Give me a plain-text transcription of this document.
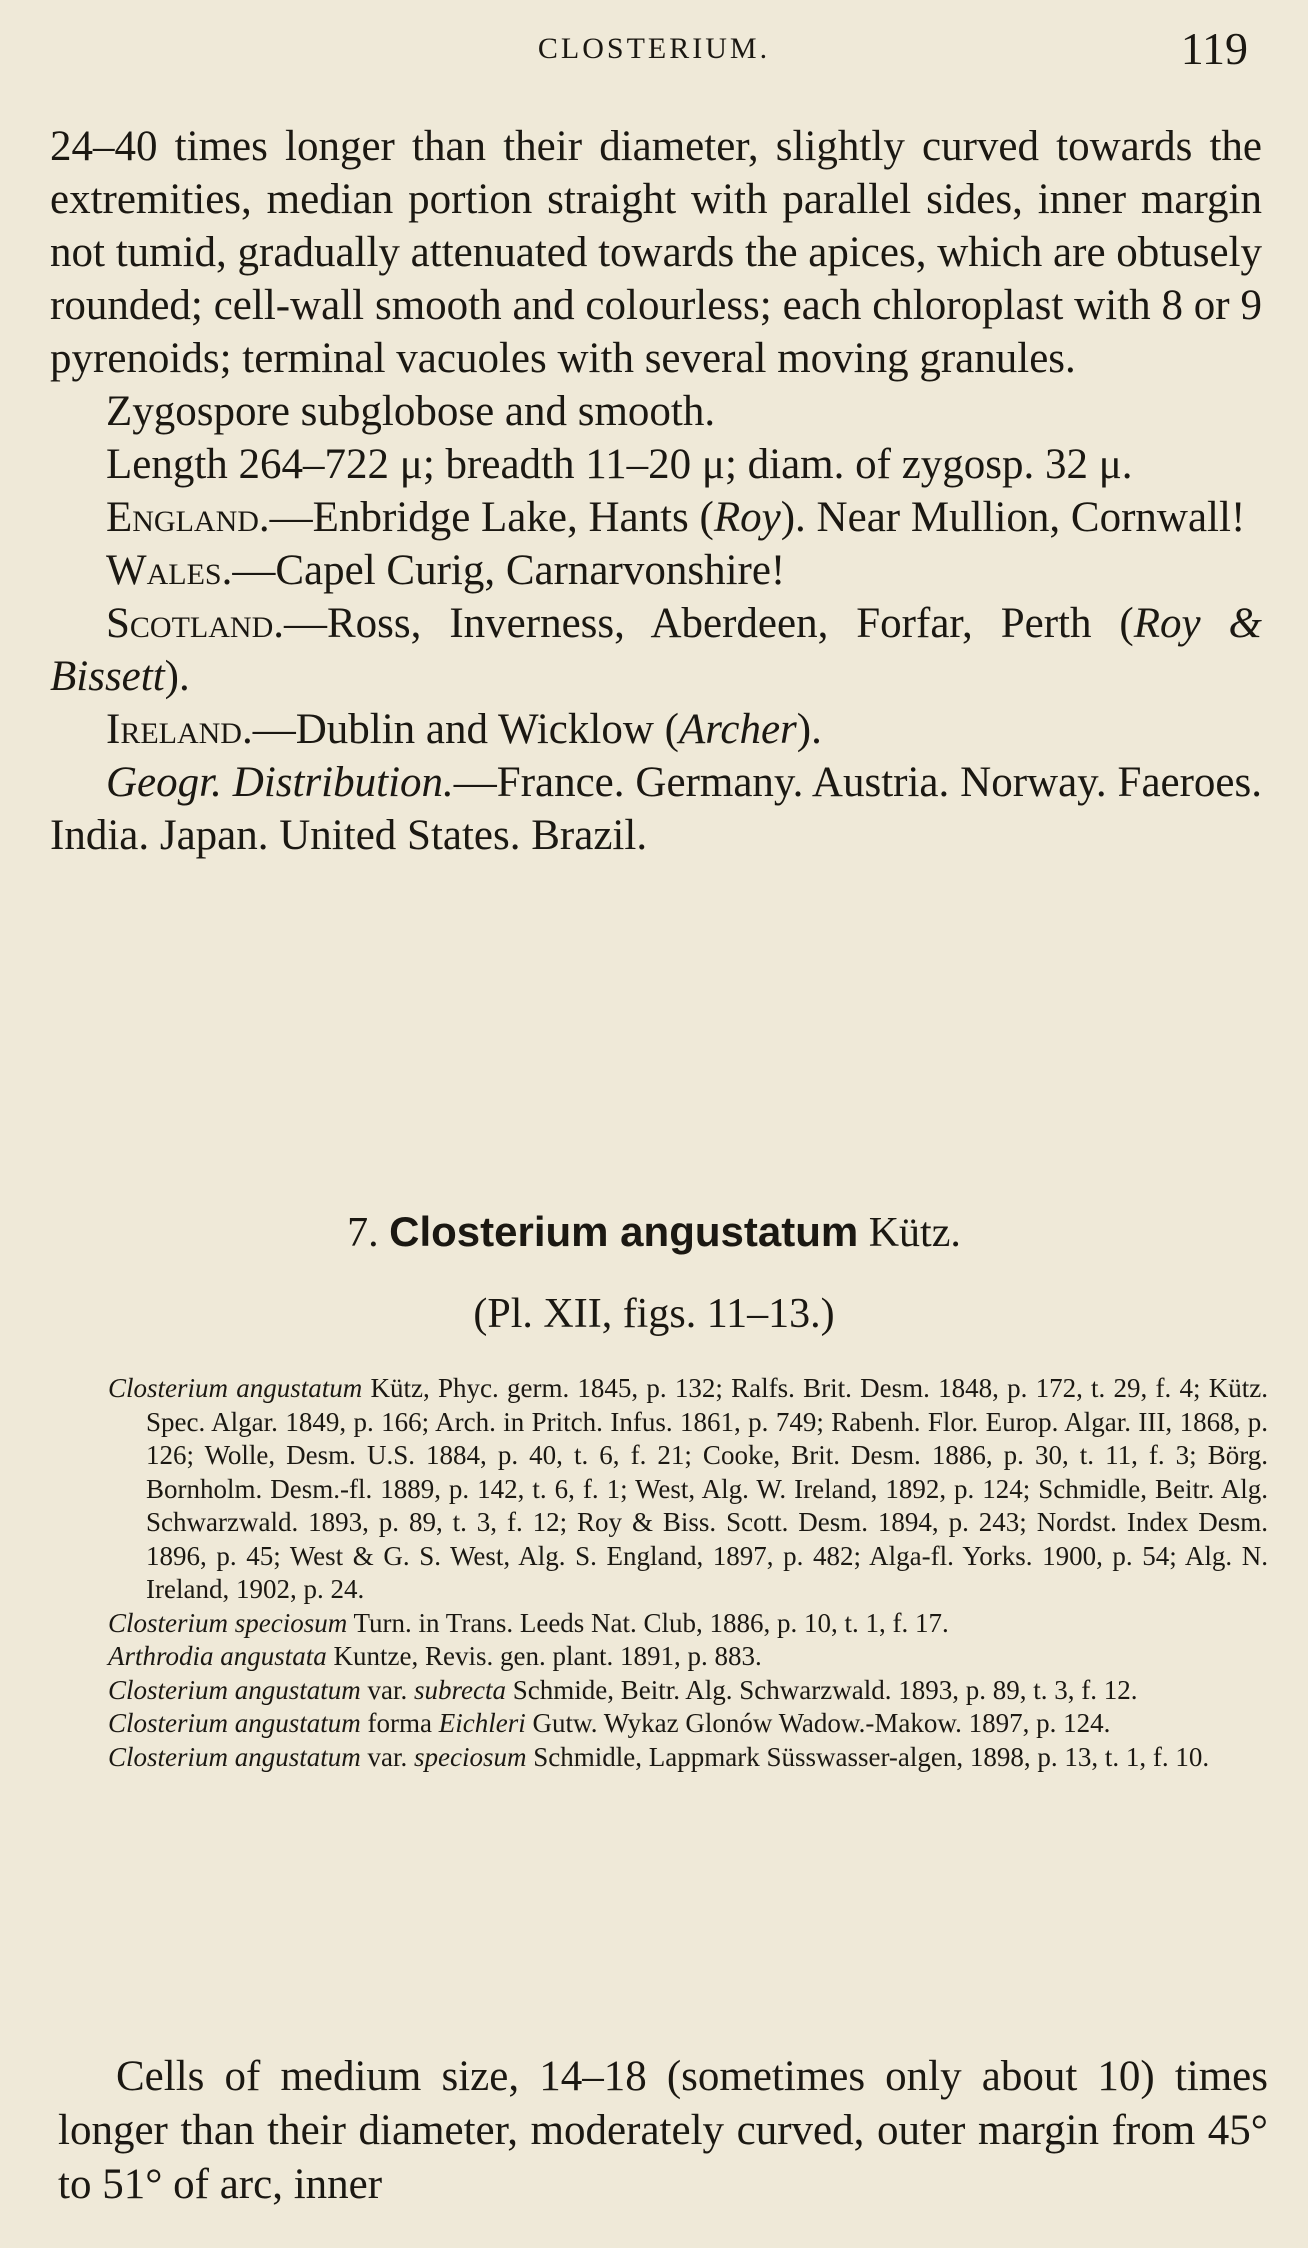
CLOSTERIUM.	119

24–40 times longer than their diameter, slightly curved towards the extremities, median portion straight with parallel sides, inner margin not tumid, gradually attenuated towards the apices, which are obtusely rounded; cell-wall smooth and colourless; each chloroplast with 8 or 9 pyrenoids; terminal vacuoles with several moving granules.

Zygospore subglobose and smooth.

Length 264–722 μ; breadth 11–20 μ; diam. of zygosp. 32 μ.

England.—Enbridge Lake, Hants (Roy). Near Mullion, Cornwall!

Wales.—Capel Curig, Carnarvonshire!

Scotland.—Ross, Inverness, Aberdeen, Forfar, Perth (Roy & Bissett).

Ireland.—Dublin and Wicklow (Archer).

Geogr. Distribution.—France. Germany. Austria. Norway. Faeroes. India. Japan. United States. Brazil.

7. Closterium angustatum Kütz.
(Pl. XII, figs. 11–13.)

Closterium angustatum Kütz, Phyc. germ. 1845, p. 132; Ralfs. Brit. Desm. 1848, p. 172, t. 29, f. 4; Kütz. Spec. Algar. 1849, p. 166; Arch. in Pritch. Infus. 1861, p. 749; Rabenh. Flor. Europ. Algar. III, 1868, p. 126; Wolle, Desm. U.S. 1884, p. 40, t. 6, f. 21; Cooke, Brit. Desm. 1886, p. 30, t. 11, f. 3; Börg. Bornholm. Desm.-fl. 1889, p. 142, t. 6, f. 1; West, Alg. W. Ireland, 1892, p. 124; Schmidle, Beitr. Alg. Schwarzwald. 1893, p. 89, t. 3, f. 12; Roy & Biss. Scott. Desm. 1894, p. 243; Nordst. Index Desm. 1896, p. 45; West & G. S. West, Alg. S. England, 1897, p. 482; Alga-fl. Yorks. 1900, p. 54; Alg. N. Ireland, 1902, p. 24.

Closterium speciosum Turn. in Trans. Leeds Nat. Club, 1886, p. 10, t. 1, f. 17.

Arthrodia angustata Kuntze, Revis. gen. plant. 1891, p. 883.

Closterium angustatum var. subrecta Schmide, Beitr. Alg. Schwarzwald. 1893, p. 89, t. 3, f. 12.

Closterium angustatum forma Eichleri Gutw. Wykaz Glonów Wadow.-Makow. 1897, p. 124.

Closterium angustatum var. speciosum Schmidle, Lappmark Süsswasser-algen, 1898, p. 13, t. 1, f. 10.

Cells of medium size, 14–18 (sometimes only about 10) times longer than their diameter, moderately curved, outer margin from 45° to 51° of arc, inner
